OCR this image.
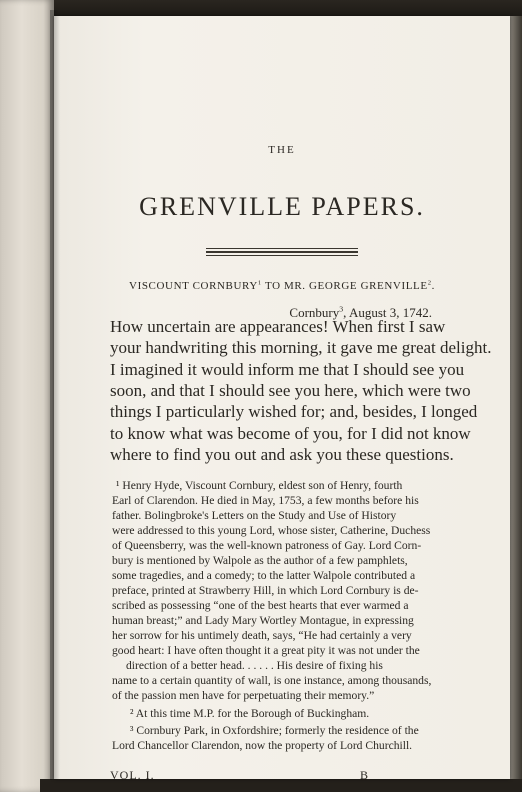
THE

GRENVILLE PAPERS.

VISCOUNT CORNBURY$^1$ TO MR. GEORGE GRENVILLE$^2$.

Cornbury$^3$, August 3, 1742.

How uncertain are appearances! When first I saw

your handwriting this morning, it gave me great delight.

I imagined it would inform me that I should see you

soon, and that I should see you here, which were two

things I particularly wished for; and, besides, I longed

to know what was become of you, for I did not know

where to find you out and ask you these questions.

¹ Henry Hyde, Viscount Cornbury, eldest son of Henry, fourth

Earl of Clarendon. He died in May, 1753, a few months before his

father. Bolingbroke's Letters on the Study and Use of History

were addressed to this young Lord, whose sister, Catherine, Duchess

of Queensberry, was the well-known patroness of Gay. Lord Corn-

bury is mentioned by Walpole as the author of a few pamphlets,

some tragedies, and a comedy; to the latter Walpole contributed a

preface, printed at Strawberry Hill, in which Lord Cornbury is de-

scribed as possessing “one of the best hearts that ever warmed a

human breast;” and Lady Mary Wortley Montague, in expressing

her sorrow for his untimely death, says, “He had certainly a very

good heart: I have often thought it a great pity it was not under the

direction of a better head. . . . . . His desire of fixing his

name to a certain quantity of wall, is one instance, among thousands,

of the passion men have for perpetuating their memory.”

² At this time M.P. for the Borough of Buckingham.

³ Cornbury Park, in Oxfordshire; formerly the residence of the

Lord Chancellor Clarendon, now the property of Lord Churchill.

VOL. I.	B
